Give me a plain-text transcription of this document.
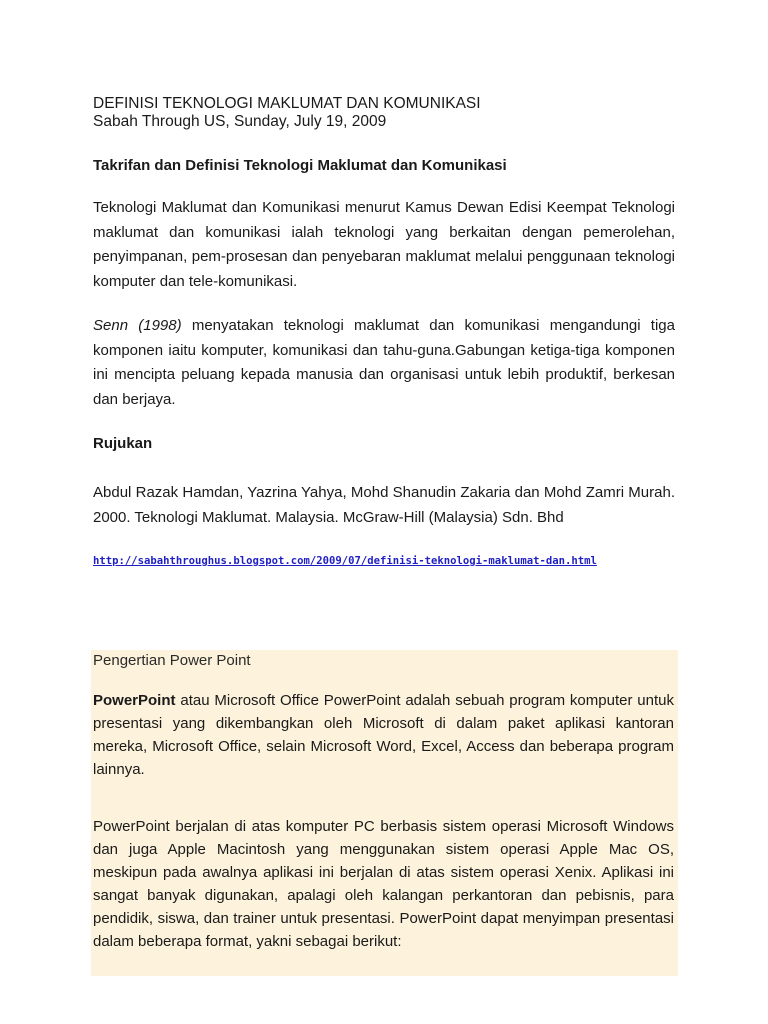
DEFINISI TEKNOLOGI MAKLUMAT DAN KOMUNIKASI

Sabah Through US, Sunday, July 19, 2009

Takrifan dan Definisi Teknologi Maklumat dan Komunikasi

Teknologi Maklumat dan Komunikasi menurut Kamus Dewan Edisi Keempat Teknologi maklumat dan komunikasi ialah teknologi yang berkaitan dengan pemerolehan, penyimpanan, pem-prosesan dan penyebaran maklumat melalui penggunaan teknologi komputer dan tele-komunikasi.

Senn (1998) menyatakan teknologi maklumat dan komunikasi mengandungi tiga komponen iaitu komputer, komunikasi dan tahu-guna.Gabungan ketiga-tiga komponen ini mencipta peluang kepada manusia dan organisasi untuk lebih produktif, berkesan dan berjaya.

Rujukan

Abdul Razak Hamdan, Yazrina Yahya, Mohd Shanudin Zakaria dan Mohd Zamri Murah. 2000. Teknologi Maklumat. Malaysia. McGraw-Hill (Malaysia) Sdn. Bhd

http://sabahthroughus.blogspot.com/2009/07/definisi-teknologi-maklumat-dan.html

Pengertian Power Point

PowerPoint atau Microsoft Office PowerPoint adalah sebuah program komputer untuk presentasi yang dikembangkan oleh Microsoft di dalam paket aplikasi kantoran mereka, Microsoft Office, selain Microsoft Word, Excel, Access dan beberapa program lainnya.

PowerPoint berjalan di atas komputer PC berbasis sistem operasi Microsoft Windows dan juga Apple Macintosh yang menggunakan sistem operasi Apple Mac OS, meskipun pada awalnya aplikasi ini berjalan di atas sistem operasi Xenix. Aplikasi ini sangat banyak digunakan, apalagi oleh kalangan perkantoran dan pebisnis, para pendidik, siswa, dan trainer untuk presentasi. PowerPoint dapat menyimpan presentasi dalam beberapa format, yakni sebagai berikut:
